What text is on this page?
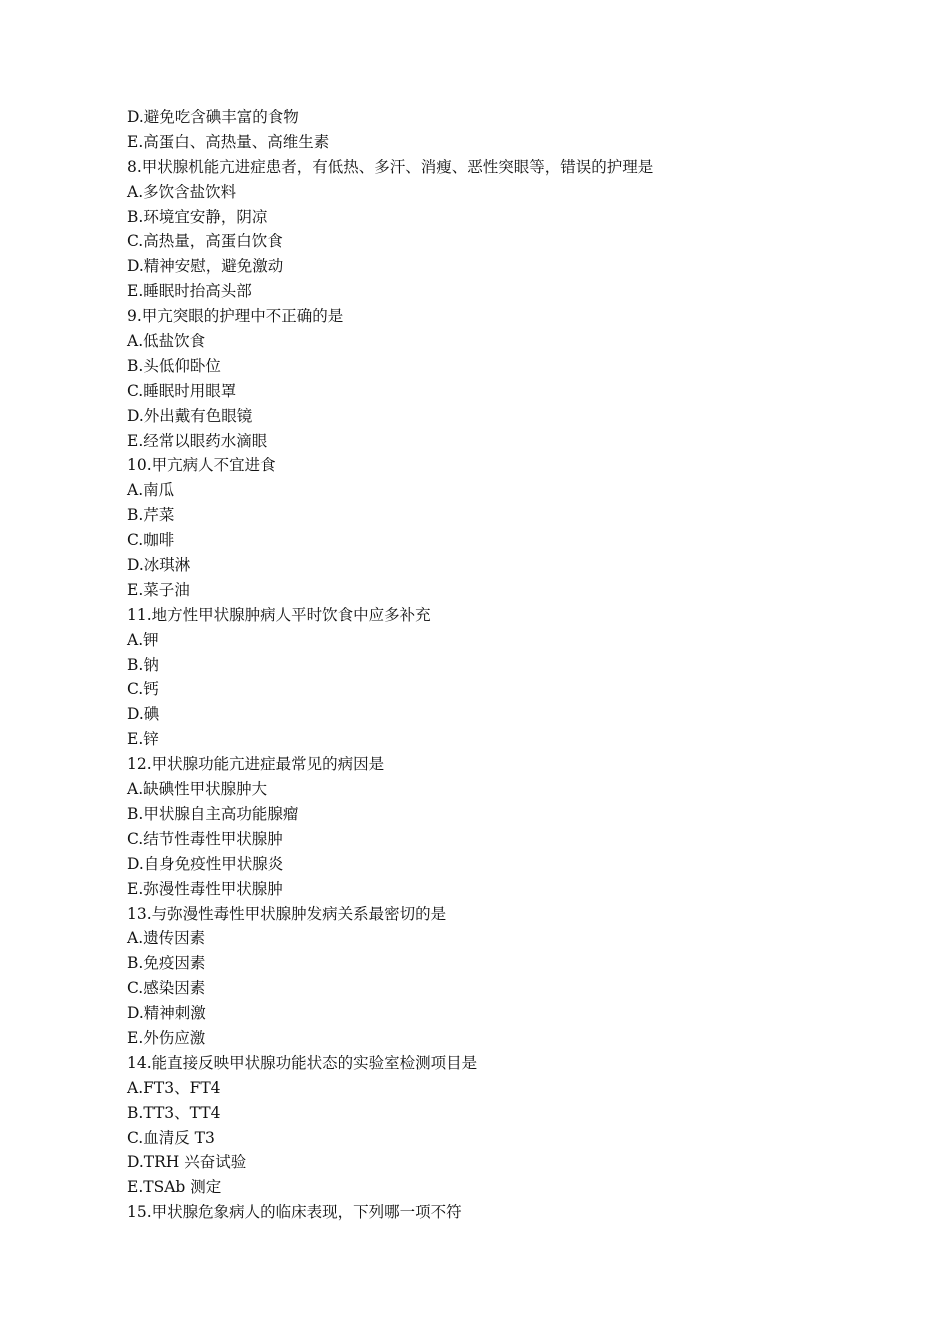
D.避免吃含碘丰富的食物

E.高蛋白、高热量、高维生素

8.甲状腺机能亢进症患者，有低热、多汗、消瘦、恶性突眼等，错误的护理是

A.多饮含盐饮料

B.环境宜安静，阴凉

C.高热量，高蛋白饮食

D.精神安慰，避免激动

E.睡眠时抬高头部

9.甲亢突眼的护理中不正确的是

A.低盐饮食

B.头低仰卧位

C.睡眠时用眼罩

D.外出戴有色眼镜

E.经常以眼药水滴眼

10.甲亢病人不宜进食

A.南瓜

B.芹菜

C.咖啡

D.冰琪淋

E.菜子油

11.地方性甲状腺肿病人平时饮食中应多补充

A.钾

B.钠

C.钙

D.碘

E.锌

12.甲状腺功能亢进症最常见的病因是

A.缺碘性甲状腺肿大

B.甲状腺自主高功能腺瘤

C.结节性毒性甲状腺肿

D.自身免疫性甲状腺炎

E.弥漫性毒性甲状腺肿

13.与弥漫性毒性甲状腺肿发病关系最密切的是

A.遗传因素

B.免疫因素

C.感染因素

D.精神刺激

E.外伤应激

14.能直接反映甲状腺功能状态的实验室检测项目是

A.FT3、FT4

B.TT3、TT4

C.血清反 T3

D.TRH 兴奋试验

E.TSAb 测定

15.甲状腺危象病人的临床表现，下列哪一项不符
